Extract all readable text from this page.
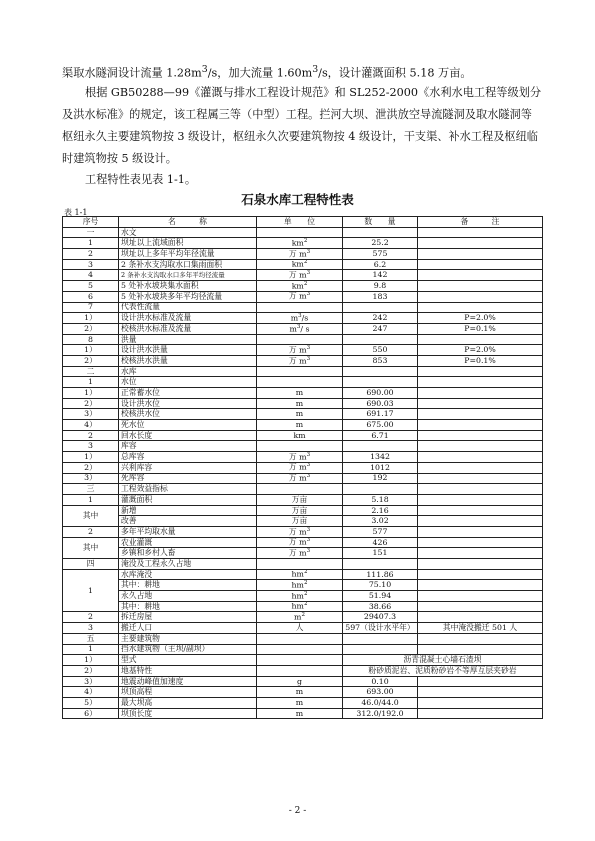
渠取水隧洞设计流量 $1.28m^3/s$，加大流量 $1.60m^3/s$，设计灌溉面积 5.18 万亩。

根据 GB50288—99《灌溉与排水工程设计规范》和 SL252-2000《水利水电工程等级划分及洪水标准》的规定，该工程属三等（中型）工程。拦河大坝、泄洪放空导流隧洞及取水隧洞等枢纽永久主要建筑物按 3 级设计，枢纽永久次要建筑物按 4 级设计，干支渠、补水工程及枢纽临时建筑物按 5 级设计。

工程特性表见表 1-1。

石泉水库工程特性表
表 1-1
序号	名　　　称	单　　位	数　　量	备　　　注
一	水文			
1	坝址以上流域面积	$km^2$	25.2	
2	坝址以上多年平均年径流量	万 $m^3$	575	
3	2 条补水支沟取水口集雨面积	$km^2$	6.2	
4	2 条补水支沟取水口多年平均径流量	万 $m^3$	142	
5	5 处补水坡块集水面积	$km^2$	9.8	
6	5 处补水坡块多年平均径流量	万 $m^3$	183	
7	代表性流量			
1）	设计洪水标准及流量	$m^3/s$	242	P=2.0%
2）	校核洪水标准及流量	$m^3/$ s	247	P=0.1%
8	洪量			
1）	设计洪水洪量	万 $m^3$	550	P=2.0%
2）	校核洪水洪量	万 $m^3$	853	P=0.1%
二	水库			
1	水位			
1）	正常蓄水位	m	690.00	
2）	设计洪水位	m	690.03	
3）	校核洪水位	m	691.17	
4）	死水位	m	675.00	
2	回水长度	km	6.71	
3	库容			
1）	总库容	万 $m^3$	1342	
2）	兴利库容	万 $m^3$	1012	
3）	死库容	万 $m^3$	192	
三	工程效益指标			
1	灌溉面积	万亩	5.18	
其中	新增	万亩	2.16	
	改善	万亩	3.02	
2	多年平均取水量	万 $m^3$	577	
其中	农业灌溉	万 $m^3$	426	
	乡镇和乡村人畜	万 $m^3$	151	
四	淹没及工程永久占地			
1	水库淹没	$hm^2$	111.86	
	其中：耕地	$hm^2$	75.10	
	永久占地	$hm^2$	51.94	
	其中：耕地	$hm^2$	38.66	
2	拆迁房屋	$m^2$	29407.3	
3	搬迁人口	人	597（设计水平年）	其中淹没搬迁 501 人
五	主要建筑物			
1	挡水建筑物（主坝/副坝）			
1）	型式		沥青混凝土心墙石渣坝	
2）	地基特性		粉砂质泥岩、泥质粉砂岩不等厚互层夹砂岩	
3）	地震动峰值加速度	g	0.10	
4）	坝顶高程	m	693.00	
5）	最大坝高	m	46.0/44.0	
6）	坝顶长度	m	312.0/192.0	
- 2 -
